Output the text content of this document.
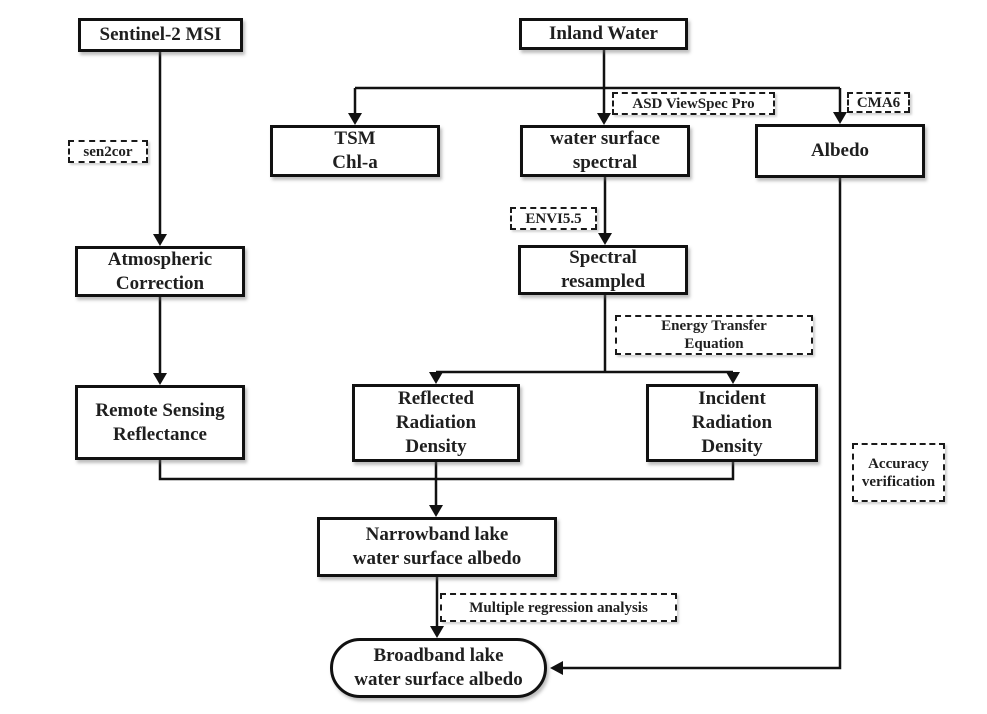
Sentinel-2 MSI	Inland Water
TSM
Chl-a
water surface
spectral
Albedo
Atmospheric
Correction
Spectral
resampled
Remote Sensing
Reflectance
Reflected
Radiation
Density
Incident
Radiation
Density
Narrowband lake
water surface albedo
Broadband lake
water surface albedo
sen2cor
ASD ViewSpec Pro	CMA6
ENVI5.5
Energy Transfer
Equation
Accuracy
verification
Multiple regression analysis
